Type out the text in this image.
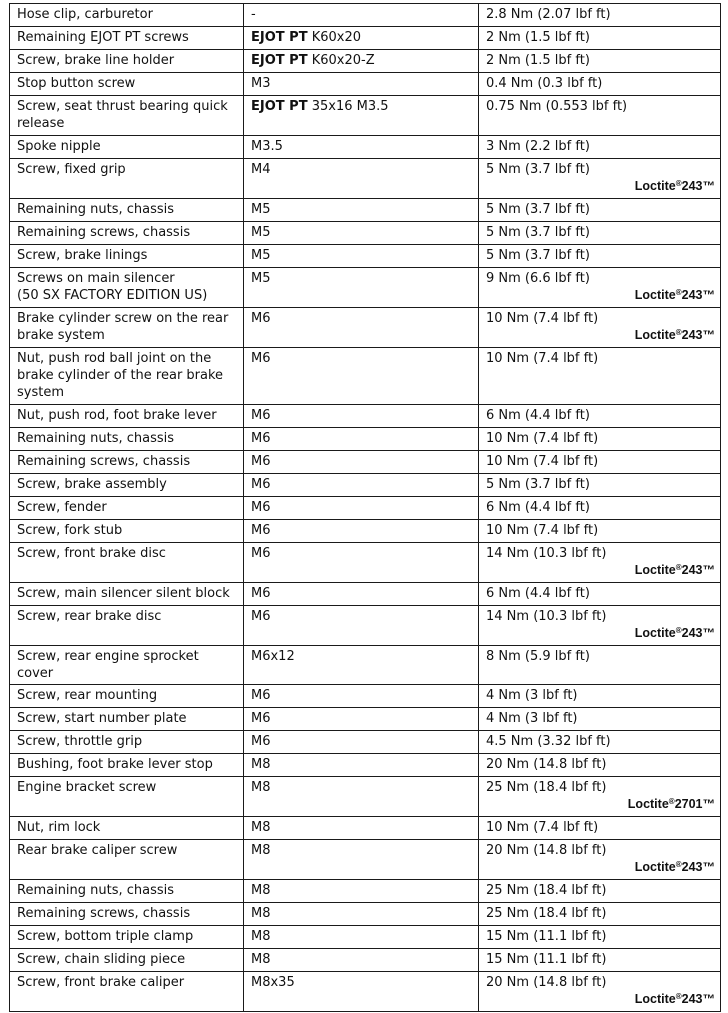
Hose clip, carburetor	-	2.8 Nm (2.07 lbf ft)

Remaining EJOT PT screws	EJOT PT K60x20	2 Nm (1.5 lbf ft)

Screw, brake line holder	EJOT PT K60x20-Z	2 Nm (1.5 lbf ft)

Stop button screw	M3	0.4 Nm (0.3 lbf ft)

Screw, seat thrust bearing quick release	EJOT PT 35x16 M3.5	0.75 Nm (0.553 lbf ft)

Spoke nipple	M3.5	3 Nm (2.2 lbf ft)

Screw, fixed grip	M4	5 Nm (3.7 lbf ft)
Loctite®243™

Remaining nuts, chassis	M5	5 Nm (3.7 lbf ft)

Remaining screws, chassis	M5	5 Nm (3.7 lbf ft)

Screw, brake linings	M5	5 Nm (3.7 lbf ft)

Screws on main silencer
(50 SX FACTORY EDITION US)	M5	9 Nm (6.6 lbf ft)
Loctite®243™

Brake cylinder screw on the rear brake system	M6	10 Nm (7.4 lbf ft)
Loctite®243™

Nut, push rod ball joint on the brake cylinder of the rear brake system	M6	10 Nm (7.4 lbf ft)

Nut, push rod, foot brake lever	M6	6 Nm (4.4 lbf ft)

Remaining nuts, chassis	M6	10 Nm (7.4 lbf ft)

Remaining screws, chassis	M6	10 Nm (7.4 lbf ft)

Screw, brake assembly	M6	5 Nm (3.7 lbf ft)

Screw, fender	M6	6 Nm (4.4 lbf ft)

Screw, fork stub	M6	10 Nm (7.4 lbf ft)

Screw, front brake disc	M6	14 Nm (10.3 lbf ft)
Loctite®243™

Screw, main silencer silent block	M6	6 Nm (4.4 lbf ft)

Screw, rear brake disc	M6	14 Nm (10.3 lbf ft)
Loctite®243™

Screw, rear engine sprocket cover	M6x12	8 Nm (5.9 lbf ft)

Screw, rear mounting	M6	4 Nm (3 lbf ft)

Screw, start number plate	M6	4 Nm (3 lbf ft)

Screw, throttle grip	M6	4.5 Nm (3.32 lbf ft)

Bushing, foot brake lever stop	M8	20 Nm (14.8 lbf ft)

Engine bracket screw	M8	25 Nm (18.4 lbf ft)
Loctite®2701™

Nut, rim lock	M8	10 Nm (7.4 lbf ft)

Rear brake caliper screw	M8	20 Nm (14.8 lbf ft)
Loctite®243™

Remaining nuts, chassis	M8	25 Nm (18.4 lbf ft)

Remaining screws, chassis	M8	25 Nm (18.4 lbf ft)

Screw, bottom triple clamp	M8	15 Nm (11.1 lbf ft)

Screw, chain sliding piece	M8	15 Nm (11.1 lbf ft)

Screw, front brake caliper	M8x35	20 Nm (14.8 lbf ft)
Loctite®243™
